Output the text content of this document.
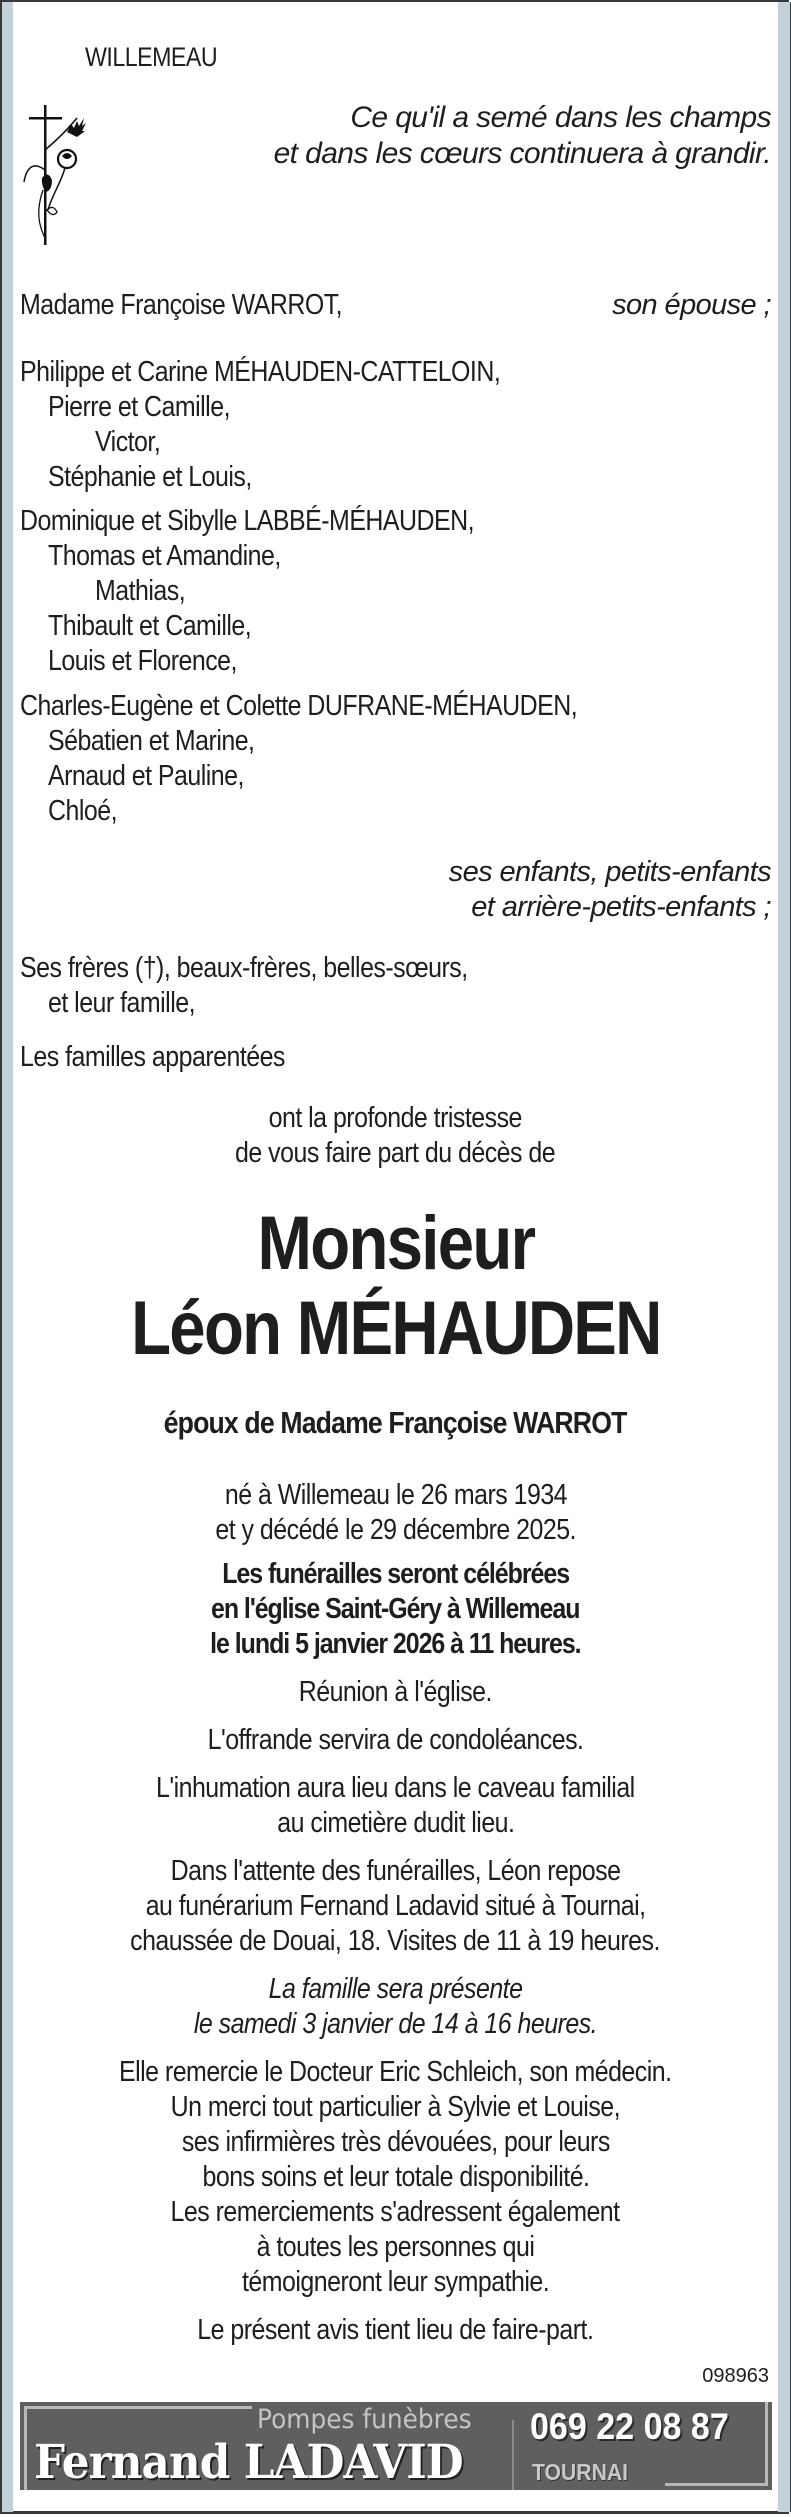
WILLEMEAU
Ce qu'il a semé dans les champs
et dans les cœurs continuera à grandir.
Madame Françoise WARROT,	son épouse ;
Philippe et Carine MÉHAUDEN-CATTELOIN,
Pierre et Camille,
Victor,
Stéphanie et Louis,
Dominique et Sibylle LABBÉ-MÉHAUDEN,
Thomas et Amandine,
Mathias,
Thibault et Camille,
Louis et Florence,
Charles-Eugène et Colette DUFRANE-MÉHAUDEN,
Sébatien et Marine,
Arnaud et Pauline,
Chloé,
ses enfants, petits-enfants
et arrière-petits-enfants ;
Ses frères (†), beaux-frères, belles-sœurs,
et leur famille,
Les familles apparentées
ont la profonde tristesse
de vous faire part du décès de
Monsieur
Léon MÉHAUDEN
époux de Madame Françoise WARROT
né à Willemeau le 26 mars 1934
et y décédé le 29 décembre 2025.
Les funérailles seront célébrées
en l'église Saint-Géry à Willemeau
le lundi 5 janvier 2026 à 11 heures.
Réunion à l'église.
L'offrande servira de condoléances.
L'inhumation aura lieu dans le caveau familial
au cimetière dudit lieu.
Dans l'attente des funérailles, Léon repose
au funérarium Fernand Ladavid situé à Tournai,
chaussée de Douai, 18. Visites de 11 à 19 heures.
La famille sera présente
le samedi 3 janvier de 14 à 16 heures.
Elle remercie le Docteur Eric Schleich, son médecin.
Un merci tout particulier à Sylvie et Louise,
ses infirmières très dévouées, pour leurs
bons soins et leur totale disponibilité.
Les remerciements s'adressent également
à toutes les personnes qui
témoigneront leur sympathie.
Le présent avis tient lieu de faire-part.
098963
Pompes funèbres
Fernand LADAVID
069 22 08 87
TOURNAI
